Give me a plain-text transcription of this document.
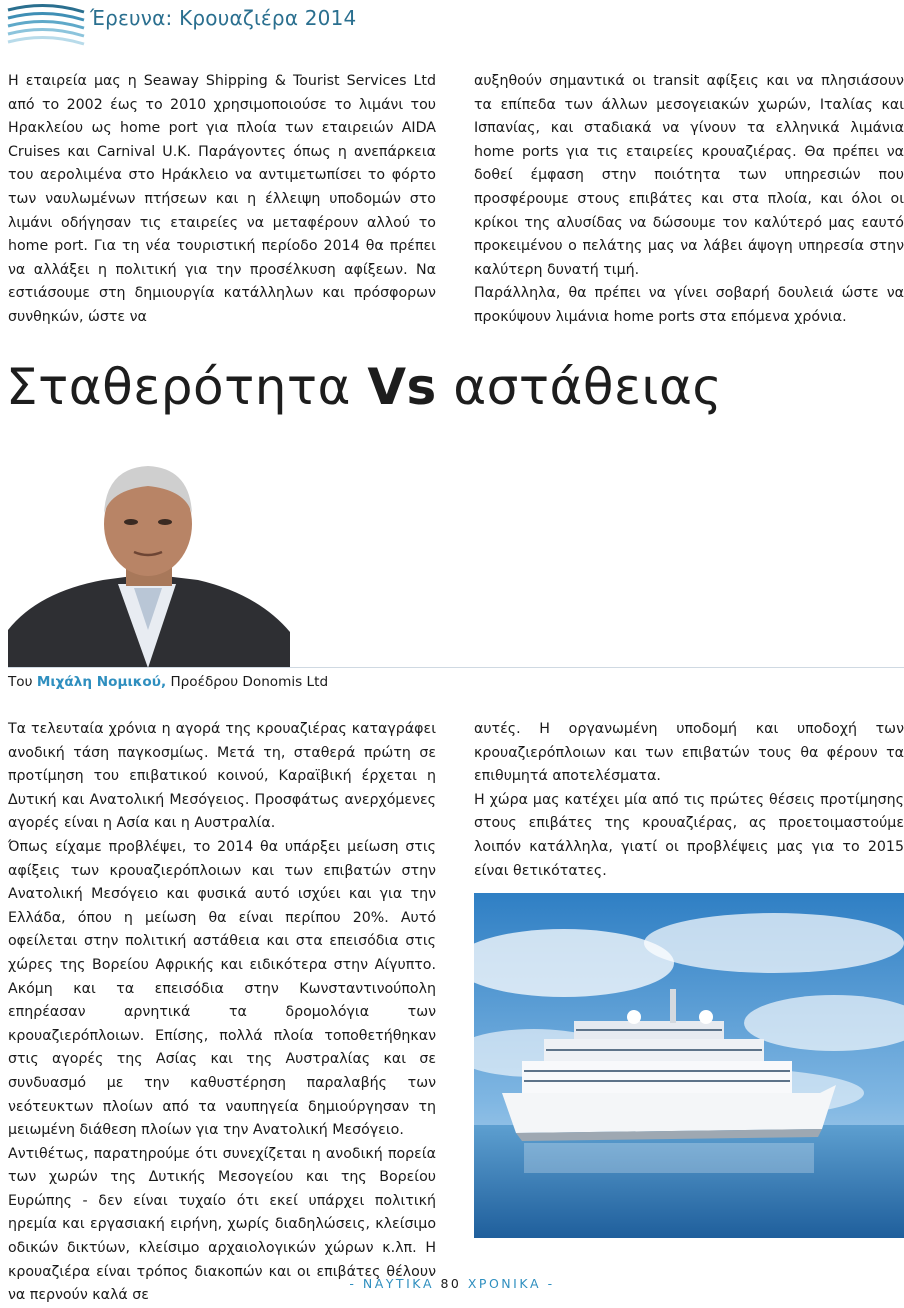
Έρευνα: Κρουαζιέρα 2014

Η εταιρεία μας η Seaway Shipping & Tourist Services Ltd από το 2002 έως το 2010 χρησιμοποιούσε το λιμάνι του Ηρακλείου ως home port για πλοία των εταιρειών AIDA Cruises και Carnival U.K. Παράγοντες όπως η ανεπάρκεια του αερολιμένα στο Ηράκλειο να αντιμετωπίσει το φόρτο των ναυλωμένων πτήσεων και η έλλειψη υποδομών στο λιμάνι οδήγησαν τις εταιρείες να μεταφέρουν αλλού το home port. Για τη νέα τουριστική περίοδο 2014 θα πρέπει να αλλάξει η πολιτική για την προσέλκυση αφίξεων. Να εστιάσουμε στη δημιουργία κατάλληλων και πρόσφορων συνθηκών, ώστε να

αυξηθούν σημαντικά οι transit αφίξεις και να πλησιάσουν τα επίπεδα των άλλων μεσογειακών χωρών, Ιταλίας και Ισπανίας, και σταδιακά να γίνουν τα ελληνικά λιμάνια home ports για τις εταιρείες κρουαζιέρας. Θα πρέπει να δοθεί έμφαση στην ποιότητα των υπηρεσιών που προσφέρουμε στους επιβάτες και στα πλοία, και όλοι οι κρίκοι της αλυσίδας να δώσουμε τον καλύτερό μας εαυτό προκειμένου ο πελάτης μας να λάβει άψογη υπηρεσία στην καλύτερη δυνατή τιμή.

Παράλληλα, θα πρέπει να γίνει σοβαρή δουλειά ώστε να προκύψουν λιμάνια home ports στα επόμενα χρόνια.

Σταθερότητα Vs αστάθειας
Του Μιχάλη Νομικού, Προέδρου Donomis Ltd

Τα τελευταία χρόνια η αγορά της κρουαζιέρας καταγράφει ανοδική τάση παγκοσμίως. Μετά τη, σταθερά πρώτη σε προτίμηση του επιβατικού κοινού, Καραϊβική έρχεται η Δυτική και Ανατολική Μεσόγειος. Προσφάτως ανερχόμενες αγορές είναι η Ασία και η Αυστραλία.

Όπως είχαμε προβλέψει, το 2014 θα υπάρξει μείωση στις αφίξεις των κρουαζιερόπλοιων και των επιβατών στην Ανατολική Μεσόγειο και φυσικά αυτό ισχύει και για την Ελλάδα, όπου η μείωση θα είναι περίπου 20%. Αυτό οφείλεται στην πολιτική αστάθεια και στα επεισόδια στις χώρες της Βορείου Αφρικής και ειδικότερα στην Αίγυπτο. Ακόμη και τα επεισόδια στην Κωνσταντινούπολη επηρέασαν αρνητικά τα δρομολόγια των κρουαζιερόπλοιων. Επίσης, πολλά πλοία τοποθετήθηκαν στις αγορές της Ασίας και της Αυστραλίας και σε συνδυασμό με την καθυστέρηση παραλαβής των νεότευκτων πλοίων από τα ναυπηγεία δημιούργησαν τη μειωμένη διάθεση πλοίων για την Ανατολική Μεσόγειο.

Αντιθέτως, παρατηρούμε ότι συνεχίζεται η ανοδική πορεία των χωρών της Δυτικής Μεσογείου και της Βορείου Ευρώπης - δεν είναι τυχαίο ότι εκεί υπάρχει πολιτική ηρεμία και εργασιακή ειρήνη, χωρίς διαδηλώσεις, κλείσιμο οδικών δικτύων, κλείσιμο αρχαιολογικών χώρων κ.λπ. Η κρουαζιέρα είναι τρόπος διακοπών και οι επιβάτες θέλουν να περνούν καλά σε

αυτές. Η οργανωμένη υποδομή και υποδοχή των κρουαζιερόπλοιων και των επιβατών τους θα φέρουν τα επιθυμητά αποτελέσματα.

Η χώρα μας κατέχει μία από τις πρώτες θέσεις προτίμησης στους επιβάτες της κρουαζιέρας, ας προετοιμαστούμε λοιπόν κατάλληλα, γιατί οι προβλέψεις μας για το 2015 είναι θετικότατες.

- ΝΑΥΤΙΚΑ 80 ΧΡΟΝΙΚΑ -
